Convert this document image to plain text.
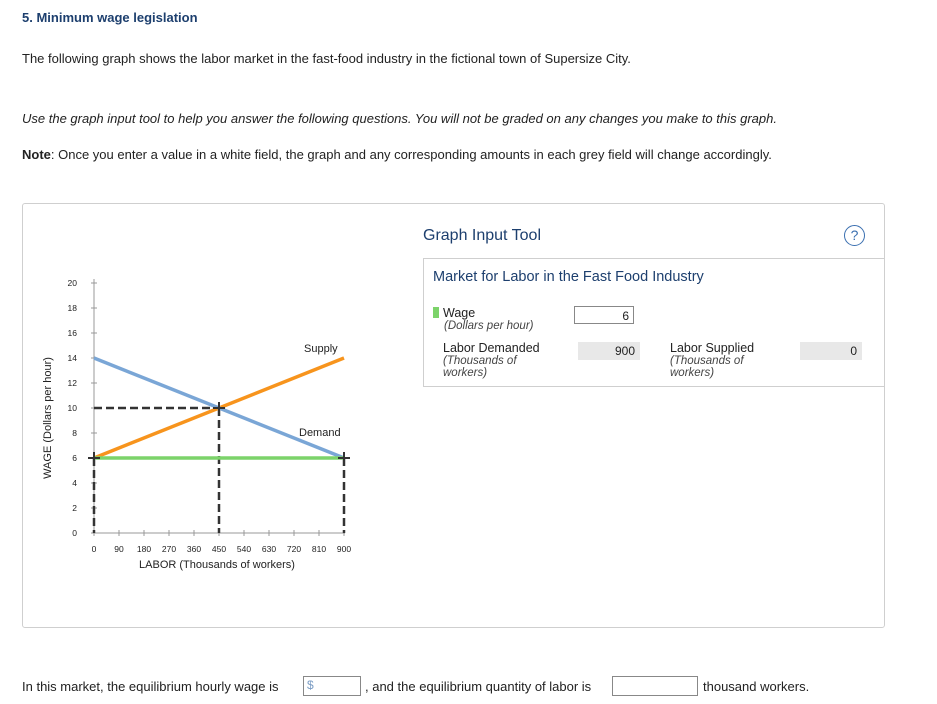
5. Minimum wage legislation
The following graph shows the labor market in the fast-food industry in the fictional town of Supersize City.
Use the graph input tool to help you answer the following questions. You will not be graded on any changes you make to this graph.
Note: Once you enter a value in a white field, the graph and any corresponding amounts in each grey field will change accordingly.
0
2
4
6
8
10
12
14
16
18
20
0 90 180 270 360 450 540 630 720 810 900
LABOR (Thousands of workers)
WAGE (Dollars per hour)
Supply
Demand
Graph Input Tool	?
Market for Labor in the Fast Food Industry
Wage
(Dollars per hour)
6
Labor Demanded
(Thousands of
workers)
900	Labor Supplied
(Thousands of
workers)
0
In this market, the equilibrium hourly wage is $	, and the equilibrium quantity of labor is	thousand workers.
